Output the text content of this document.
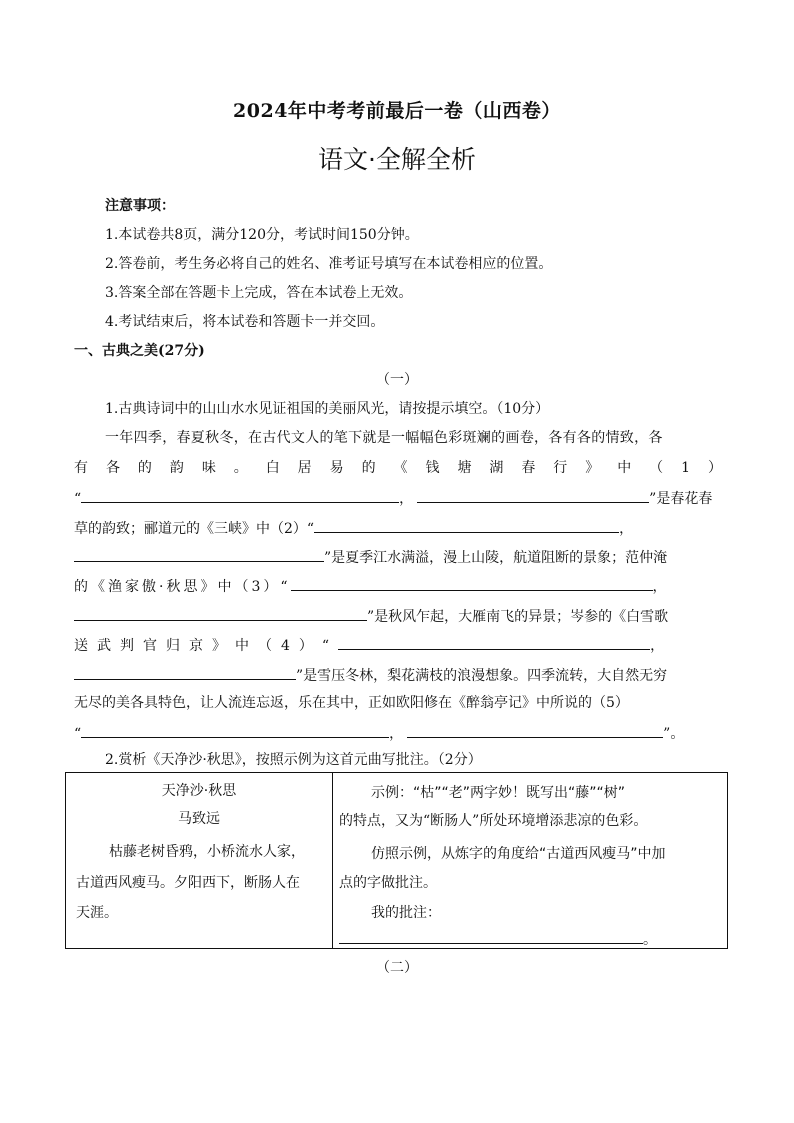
2024年中考考前最后一卷（山西卷）
语文·全解全析
注意事项：
1.本试卷共8页，满分120分，考试时间150分钟。
2.答卷前，考生务必将自己的姓名、准考证号填写在本试卷相应的位置。
3.答案全部在答题卡上完成，答在本试卷上无效。
4.考试结束后，将本试卷和答题卡一并交回。
一、古典之美(27分)
（一）
1.古典诗词中的山山水水见证祖国的美丽风光，请按提示填空。（10分）
一年四季，春夏秋冬，在古代文人的笔下就是一幅幅色彩斑斓的画卷，各有各的情致，各
有 各 的 韵 味 。 白 居 易 的 《 钱 塘 湖 春 行 》 中 （ 1 ）
“	，	”是春花春
草的韵致；郦道元的《三峡》中（2）“	，
”是夏季江水满溢，漫上山陵，航道阻断的景象；范仲淹
的《渔家傲·秋思》中（3）“	，
”是秋风乍起，大雁南飞的异景；岑参的《白雪歌
送武判官归京》中（4）“	，
”是雪压冬林，梨花满枝的浪漫想象。四季流转，大自然无穷
无尽的美各具特色，让人流连忘返，乐在其中，正如欧阳修在《醉翁亭记》中所说的（5）
“	，	”。
2.赏析《天净沙·秋思》，按照示例为这首元曲写批注。（2分）
天净沙·秋思
马致远
枯藤老树昏鸦，小桥流水人家，
古道西风瘦马。夕阳西下，断肠人在
天涯。
示例：“枯”“老”两字妙！既写出“藤”“树”
的特点，又为“断肠人”所处环境增添悲凉的色彩。
仿照示例，从炼字的角度给“古道西风瘦马”中加
点的字做批注。
我的批注：
。
（二）
